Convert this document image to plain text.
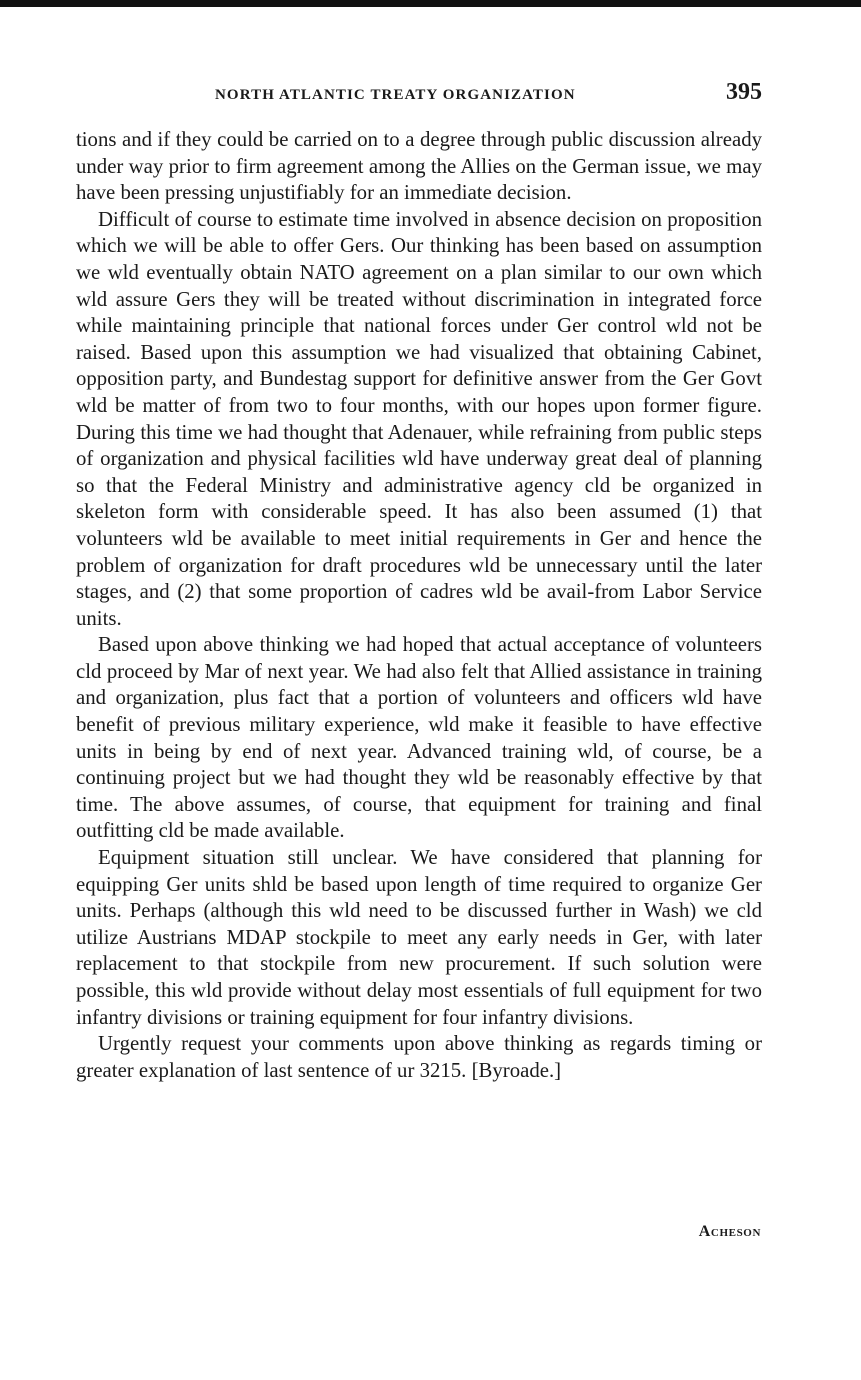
NORTH ATLANTIC TREATY ORGANIZATION	395

tions and if they could be carried on to a degree through public discussion already under way prior to firm agreement among the Allies on the German issue, we may have been pressing unjustifiably for an immediate decision.

Difficult of course to estimate time involved in absence decision on proposition which we will be able to offer Gers. Our thinking has been based on assumption we wld eventually obtain NATO agreement on a plan similar to our own which wld assure Gers they will be treated without discrimination in integrated force while maintaining principle that national forces under Ger control wld not be raised. Based upon this assumption we had visualized that obtaining Cabinet, opposition party, and Bundestag support for definitive answer from the Ger Govt wld be matter of from two to four months, with our hopes upon former figure. During this time we had thought that Adenauer, while refraining from public steps of organization and physical facilities wld have underway great deal of planning so that the Federal Ministry and administrative agency cld be organized in skeleton form with considerable speed. It has also been assumed (1) that volunteers wld be available to meet initial requirements in Ger and hence the problem of organization for draft procedures wld be unnecessary until the later stages, and (2) that some proportion of cadres wld be avail-from Labor Service units.

Based upon above thinking we had hoped that actual acceptance of volunteers cld proceed by Mar of next year. We had also felt that Allied assistance in training and organization, plus fact that a portion of volunteers and officers wld have benefit of previous military experience, wld make it feasible to have effective units in being by end of next year. Advanced training wld, of course, be a continuing project but we had thought they wld be reasonably effective by that time. The above assumes, of course, that equipment for training and final outfitting cld be made available.

Equipment situation still unclear. We have considered that planning for equipping Ger units shld be based upon length of time required to organize Ger units. Perhaps (although this wld need to be discussed further in Wash) we cld utilize Austrians MDAP stockpile to meet any early needs in Ger, with later replacement to that stockpile from new procurement. If such solution were possible, this wld provide without delay most essentials of full equipment for two infantry divisions or training equipment for four infantry divisions.

Urgently request your comments upon above thinking as regards timing or greater explanation of last sentence of ur 3215. [Byroade.]

Acheson
